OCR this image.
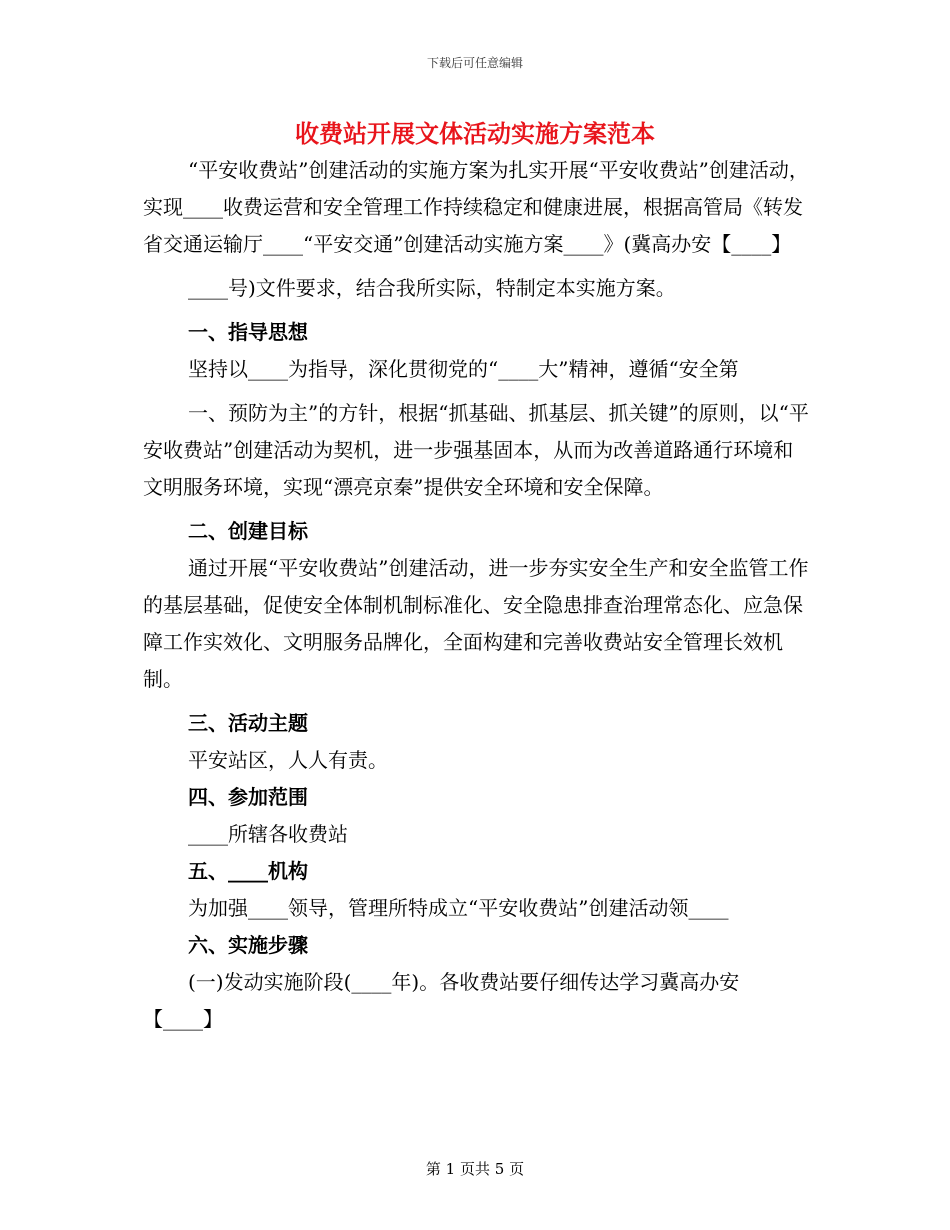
下载后可任意编辑
收费站开展文体活动实施方案范本

“平安收费站”创建活动的实施方案为扎实开展“平安收费站”创建活动，实现____收费运营和安全管理工作持续稳定和健康进展，根据高管局《转发省交通运输厅____“平安交通”创建活动实施方案____》(冀高办安【____】

____号)文件要求，结合我所实际，特制定本实施方案。

一、指导思想

坚持以____为指导，深化贯彻党的“____大”精神，遵循“安全第

一、预防为主”的方针，根据“抓基础、抓基层、抓关键”的原则，以“平安收费站”创建活动为契机，进一步强基固本，从而为改善道路通行环境和文明服务环境，实现“漂亮京秦”提供安全环境和安全保障。

二、创建目标

通过开展“平安收费站”创建活动，进一步夯实安全生产和安全监管工作的基层基础，促使安全体制机制标准化、安全隐患排查治理常态化、应急保障工作实效化、文明服务品牌化，全面构建和完善收费站安全管理长效机制。

三、活动主题

平安站区，人人有责。

四、参加范围

____所辖各收费站

五、____机构

为加强____领导，管理所特成立“平安收费站”创建活动领____

六、实施步骤

(一)发动实施阶段(____年)。各收费站要仔细传达学习冀高办安【____】

第 1 页共 5 页
